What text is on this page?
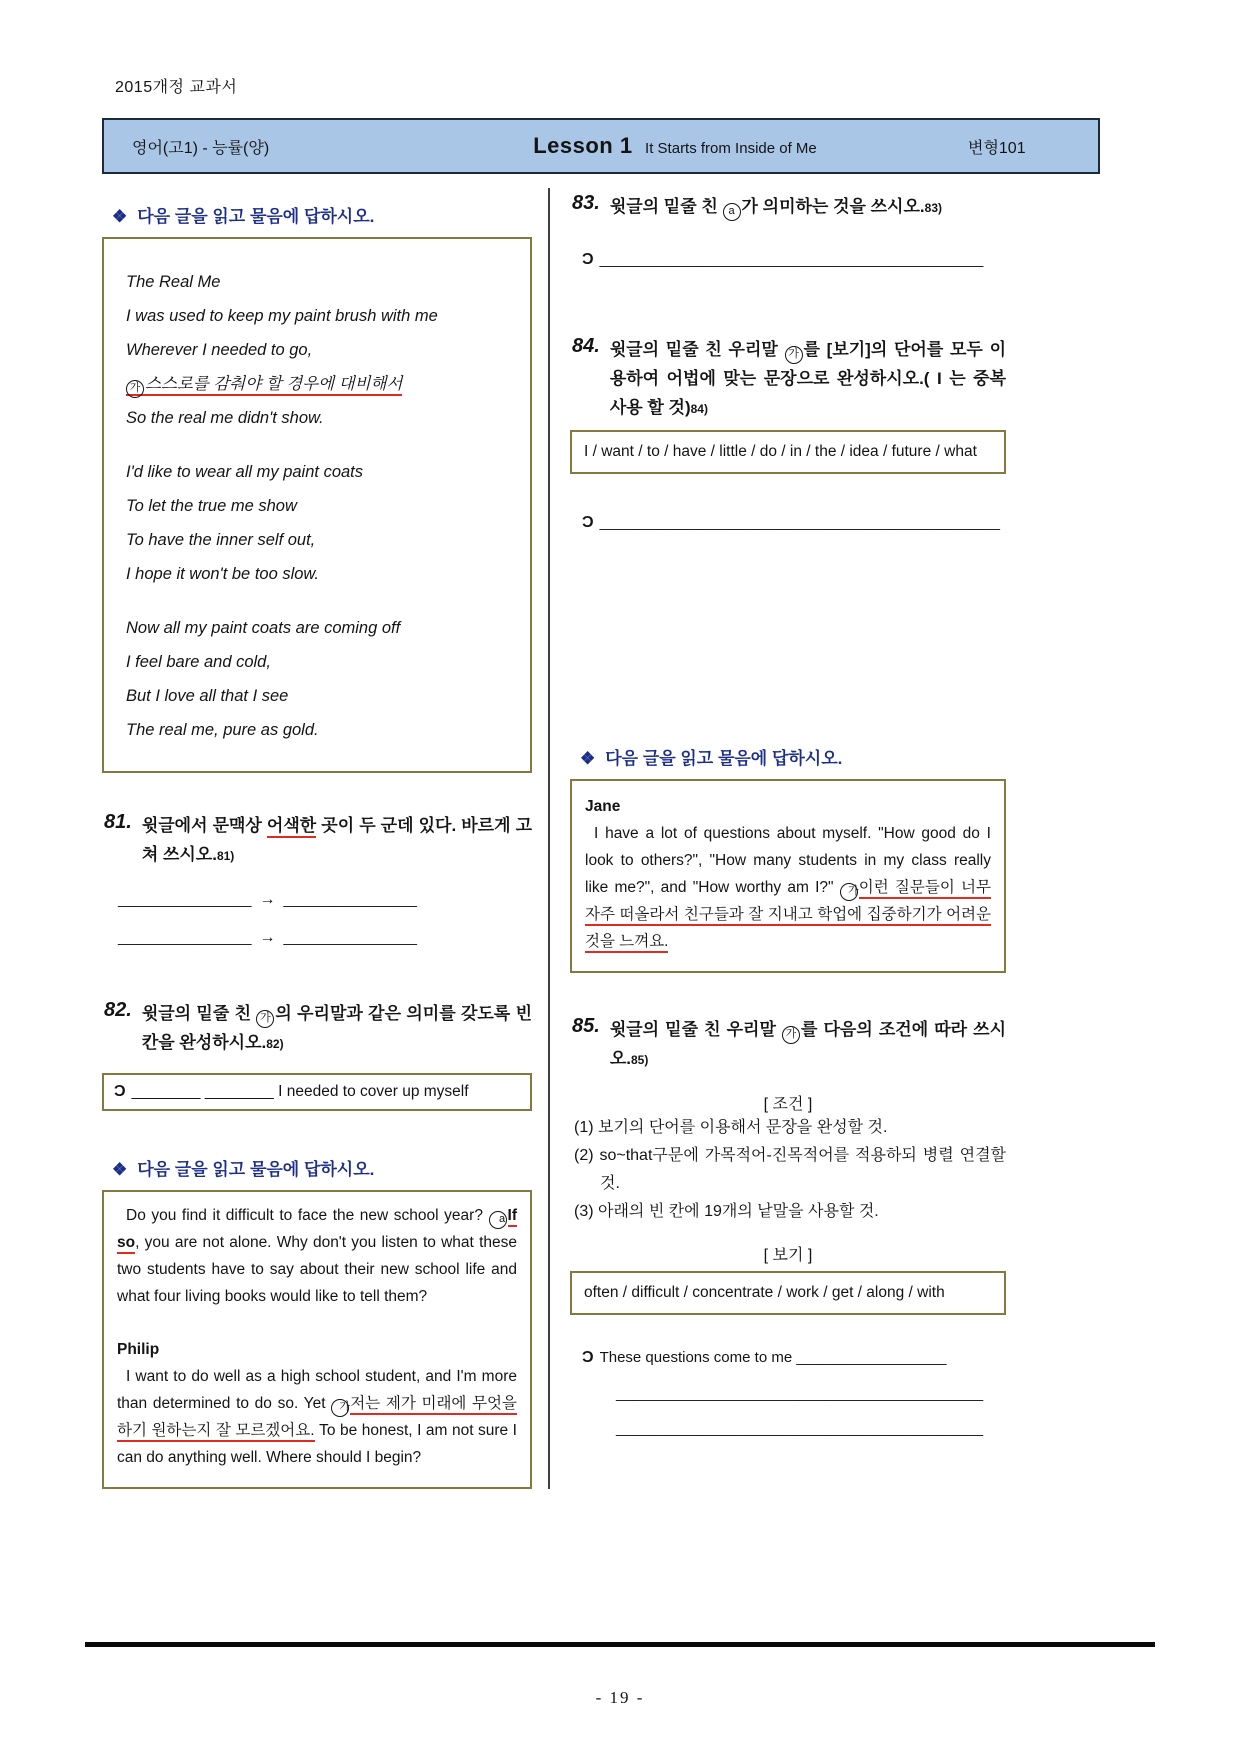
2015개정 교과서
영어(고1) - 능률(양)	Lesson 1 It Starts from Inside of Me	변형101
❖ 다음 글을 읽고 물음에 답하시오.
The Real Me
I was used to keep my paint brush with me
Wherever I needed to go,
가 스스로를 감춰야 할 경우에 대비해서
So the real me didn't show.
I'd like to wear all my paint coats
To let the true me show
To have the inner self out,
I hope it won't be too slow.
Now all my paint coats are coming off
I feel bare and cold,
But I love all that I see
The real me, pure as gold.
81. 윗글에서 문맥상 어색한 곳이 두 군데 있다. 바르게 고쳐 쓰시오.81)
________________ → ________________
________________ → ________________
82. 윗글의 밑줄 친 가 의 우리말과 같은 의미를 갖도록 빈칸을 완성하시오.82)
Ɔ ________ ________ I needed to cover up myself
❖ 다음 글을 읽고 물음에 답하시오.

Do you find it difficult to face the new school year? a If so, you are not alone. Why don't you listen to what these two students have to say about their new school life and what four living books would like to tell them?

Philip

I want to do well as a high school student, and I'm more than determined to do so. Yet 가저는 제가 미래에 무엇을 하기 원하는지 잘 모르겠어요. To be honest, I am not sure I can do anything well. Where should I begin?

83. 윗글의 밑줄 친 a 가 의미하는 것을 쓰시오.83)
Ɔ ______________________________________________
84. 윗글의 밑줄 친 우리말 가 를 [보기]의 단어를 모두 이용하여 어법에 맞는 문장으로 완성하시오.( I 는 중복 사용 할 것)84)
I / want / to / have / little / do / in / the / idea / future / what
Ɔ ________________________________________________
❖ 다음 글을 읽고 물음에 답하시오.

Jane

I have a lot of questions about myself. "How good do I look to others?", "How many students in my class really like me?", and "How worthy am I?" 가이런 질문들이 너무 자주 떠올라서 친구들과 잘 지내고 학업에 집중하기가 어려운 것을 느껴요.

85. 윗글의 밑줄 친 우리말 가 를 다음의 조건에 따라 쓰시오.85)
[ 조건 ]
(1) 보기의 단어를 이용해서 문장을 완성할 것.
(2) so~that구문에 가목적어-진목적어를 적용하되 병렬 연결할 것.
(3) 아래의 빈 칸에 19개의 낱말을 사용할 것.
[ 보기 ]
often / difficult / concentrate / work / get / along / with
Ɔ These questions come to me __________________
____________________________________________
____________________________________________
- 19 -
